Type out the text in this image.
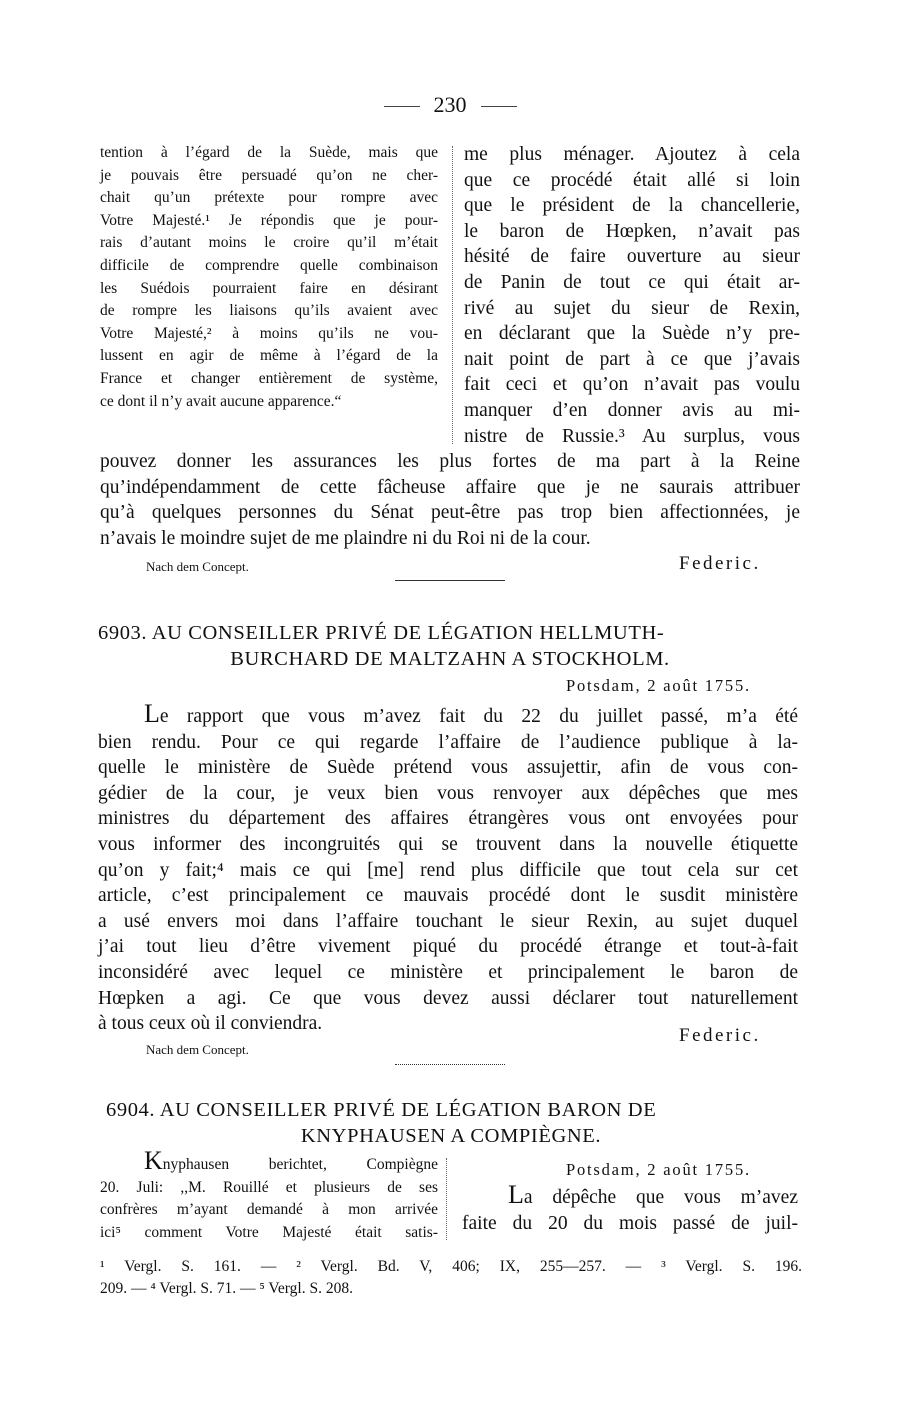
230
tention à l’égard de la Suède, mais que
je pouvais être persuadé qu’on ne cher-
chait qu’un prétexte pour rompre avec
Votre Majesté.¹ Je répondis que je pour-
rais d’autant moins le croire qu’il m’était
difficile de comprendre quelle combinaison
les Suédois pourraient faire en désirant
de rompre les liaisons qu’ils avaient avec
Votre Majesté,² à moins qu’ils ne vou-
lussent en agir de même à l’égard de la
France et changer entièrement de système,
ce dont il n’y avait aucune apparence.“
me plus ménager. Ajoutez à cela
que ce procédé était allé si loin
que le président de la chancellerie,
le baron de Hœpken, n’avait pas
hésité de faire ouverture au sieur
de Panin de tout ce qui était ar-
rivé au sujet du sieur de Rexin,
en déclarant que la Suède n’y pre-
nait point de part à ce que j’avais
fait ceci et qu’on n’avait pas voulu
manquer d’en donner avis au mi-
nistre de Russie.³ Au surplus, vous
pouvez donner les assurances les plus fortes de ma part à la Reine
qu’indépendamment de cette fâcheuse affaire que je ne saurais attribuer
qu’à quelques personnes du Sénat peut-être pas trop bien affectionnées, je
n’avais le moindre sujet de me plaindre ni du Roi ni de la cour.
Nach dem Concept.	Federic.
6903. AU CONSEILLER PRIVÉ DE LÉGATION HELLMUTH-
BURCHARD DE MALTZAHN A STOCKHOLM.
Potsdam, 2 août 1755.
Le rapport que vous m’avez fait du 22 du juillet passé, m’a été
bien rendu. Pour ce qui regarde l’affaire de l’audience publique à la-
quelle le ministère de Suède prétend vous assujettir, afin de vous con-
gédier de la cour, je veux bien vous renvoyer aux dépêches que mes
ministres du département des affaires étrangères vous ont envoyées pour
vous informer des incongruités qui se trouvent dans la nouvelle étiquette
qu’on y fait;⁴ mais ce qui [me] rend plus difficile que tout cela sur cet
article, c’est principalement ce mauvais procédé dont le susdit ministère
a usé envers moi dans l’affaire touchant le sieur Rexin, au sujet duquel
j’ai tout lieu d’être vivement piqué du procédé étrange et tout-à-fait
inconsidéré avec lequel ce ministère et principalement le baron de
Hœpken a agi. Ce que vous devez aussi déclarer tout naturellement
à tous ceux où il conviendra.
Federic.
Nach dem Concept.
6904. AU CONSEILLER PRIVÉ DE LÉGATION BARON DE
KNYPHAUSEN A COMPIÈGNE.
Knyphausen berichtet, Compiègne
20. Juli: ,,M. Rouillé et plusieurs de ses
confrères m’ayant demandé à mon arrivée
ici⁵ comment Votre Majesté était satis-
Potsdam, 2 août 1755.
La dépêche que vous m’avez
faite du 20 du mois passé de juil-
¹ Vergl. S. 161. — ² Vergl. Bd. V, 406; IX, 255—257. — ³ Vergl. S. 196.
209. — ⁴ Vergl. S. 71. — ⁵ Vergl. S. 208.
